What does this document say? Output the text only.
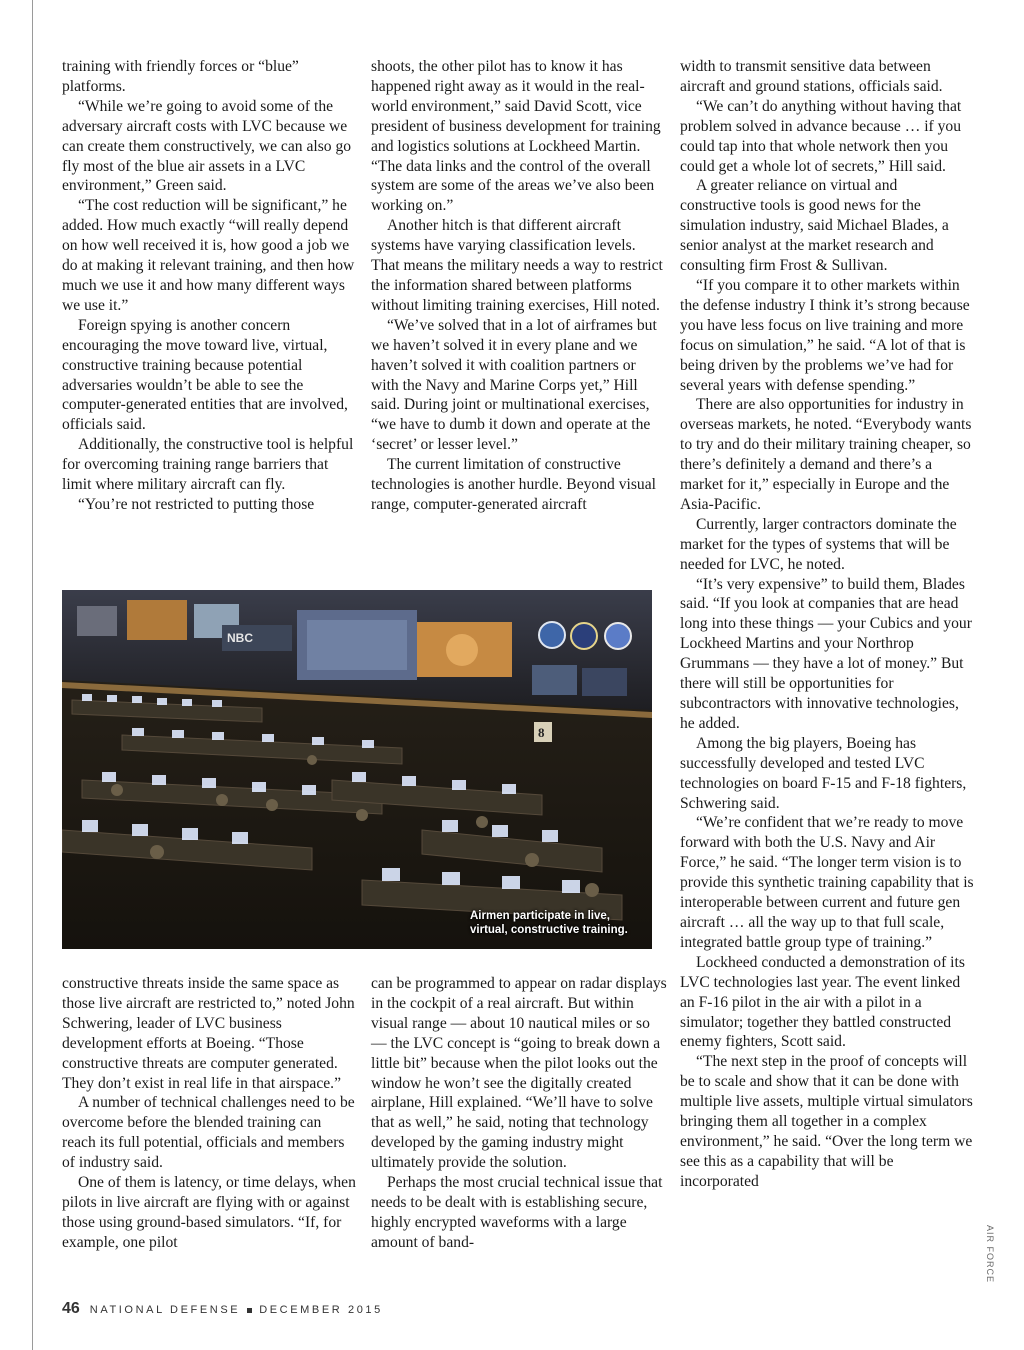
training with friendly forces or “blue” platforms.

“While we’re going to avoid some of the adversary aircraft costs with LVC because we can create them constructively, we can also go fly most of the blue air assets in a LVC environment,” Green said.

“The cost reduction will be significant,” he added. How much exactly “will really depend on how well received it is, how good a job we do at making it relevant training, and then how much we use it and how many different ways we use it.”

Foreign spying is another concern encouraging the move toward live, virtual, constructive training because potential adversaries wouldn’t be able to see the computer-generated entities that are involved, officials said.

Additionally, the constructive tool is helpful for overcoming training range barriers that limit where military aircraft can fly.

“You’re not restricted to putting those

shoots, the other pilot has to know it has happened right away as it would in the real-world environment,” said David Scott, vice president of business development for training and logistics solutions at Lockheed Martin. “The data links and the control of the overall system are some of the areas we’ve also been working on.”

Another hitch is that different aircraft systems have varying classification levels. That means the military needs a way to restrict the information shared between platforms without limiting training exercises, Hill noted.

“We’ve solved that in a lot of airframes but we haven’t solved it in every plane and we haven’t solved it with coalition partners or with the Navy and Marine Corps yet,” Hill said. During joint or multinational exercises, “we have to dumb it down and operate at the ‘secret’ or lesser level.”

The current limitation of constructive technologies is another hurdle. Beyond visual range, computer-generated aircraft

NBC
8
Airmen participate in live, virtual, constructive training.

constructive threats inside the same space as those live aircraft are restricted to,” noted John Schwering, leader of LVC business development efforts at Boeing. “Those constructive threats are computer generated. They don’t exist in real life in that airspace.”

A number of technical challenges need to be overcome before the blended training can reach its full potential, officials and members of industry said.

One of them is latency, or time delays, when pilots in live aircraft are flying with or against those using ground-based simulators. “If, for example, one pilot

can be programmed to appear on radar displays in the cockpit of a real aircraft. But within visual range — about 10 nautical miles or so — the LVC concept is “going to break down a little bit” because when the pilot looks out the window he won’t see the digitally created airplane, Hill explained. “We’ll have to solve that as well,” he said, noting that technology developed by the gaming industry might ultimately provide the solution.

Perhaps the most crucial technical issue that needs to be dealt with is establishing secure, highly encrypted waveforms with a large amount of band-

width to transmit sensitive data between aircraft and ground stations, officials said.

“We can’t do anything without having that problem solved in advance because … if you could tap into that whole network then you could get a whole lot of secrets,” Hill said.

A greater reliance on virtual and constructive tools is good news for the simulation industry, said Michael Blades, a senior analyst at the market research and consulting firm Frost & Sullivan.

“If you compare it to other markets within the defense industry I think it’s strong because you have less focus on live training and more focus on simulation,” he said. “A lot of that is being driven by the problems we’ve had for several years with defense spending.”

There are also opportunities for industry in overseas markets, he noted. “Everybody wants to try and do their military training cheaper, so there’s definitely a demand and there’s a market for it,” especially in Europe and the Asia-Pacific.

Currently, larger contractors dominate the market for the types of systems that will be needed for LVC, he noted.

“It’s very expensive” to build them, Blades said. “If you look at companies that are head long into these things — your Cubics and your Lockheed Martins and your Northrop Grummans — they have a lot of money.” But there will still be opportunities for subcontractors with innovative technologies, he added.

Among the big players, Boeing has successfully developed and tested LVC technologies on board F-15 and F-18 fighters, Schwering said.

“We’re confident that we’re ready to move forward with both the U.S. Navy and Air Force,” he said. “The longer term vision is to provide this synthetic training capability that is interoperable between current and future gen aircraft … all the way up to that full scale, integrated battle group type of training.”

Lockheed conducted a demonstration of its LVC technologies last year. The event linked an F-16 pilot in the air with a pilot in a simulator; together they battled constructed enemy fighters, Scott said.

“The next step in the proof of concepts will be to scale and show that it can be done with multiple live assets, multiple virtual simulators bringing them all together in a complex environment,” he said. “Over the long term we see this as a capability that will be incorporated

AIR FORCE
46 NATIONAL DEFENSE DECEMBER 2015
